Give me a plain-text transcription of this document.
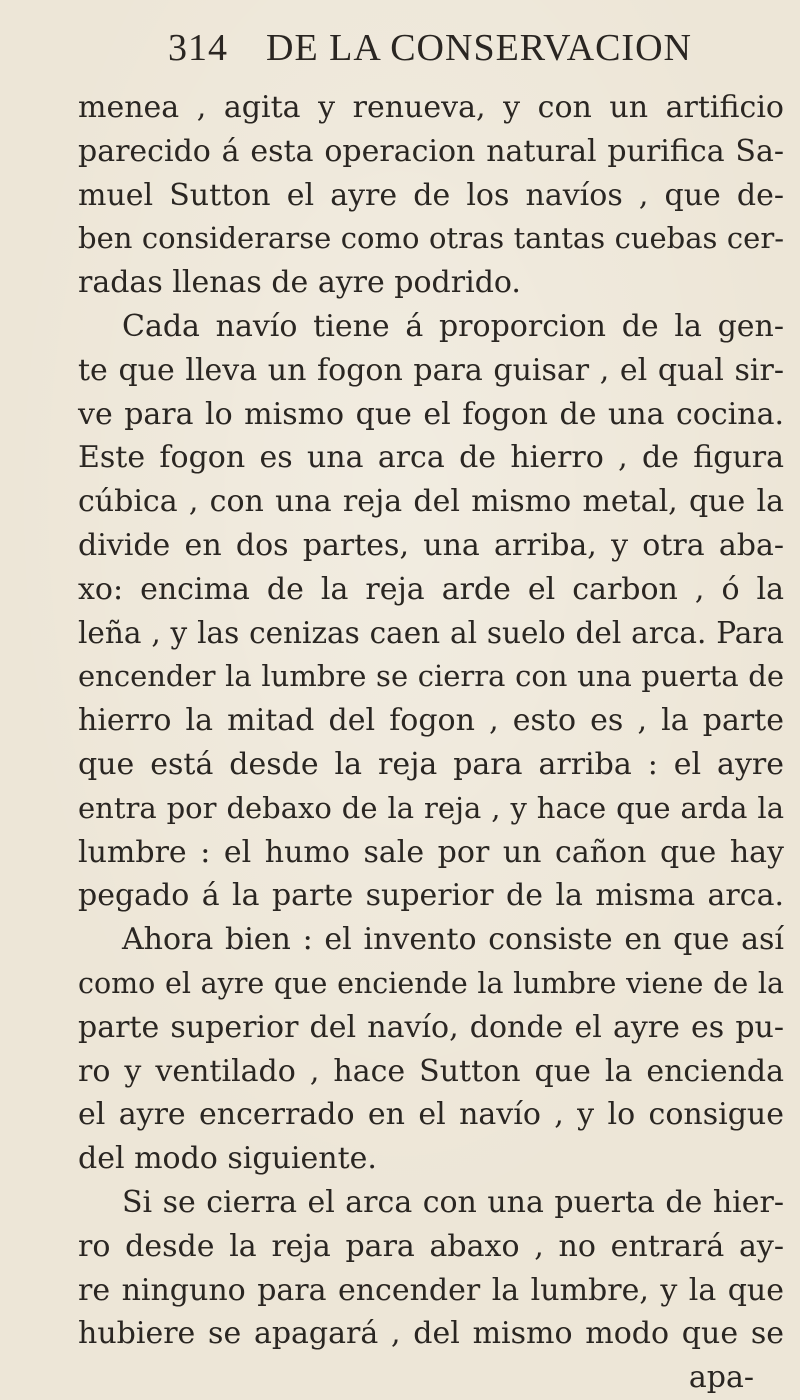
314 DE LA CONSERVACION
menea , agita y renueva, y con un artificio
parecido á esta operacion natural purifica Sa-
muel Sutton el ayre de los navíos , que de-
ben considerarse como otras tantas cuebas cer-
radas llenas de ayre podrido.
Cada navío tiene á proporcion de la gen-
te que lleva un fogon para guisar , el qual sir-
ve para lo mismo que el fogon de una cocina.
Este fogon es una arca de hierro , de figura
cúbica , con una reja del mismo metal, que la
divide en dos partes, una arriba, y otra aba-
xo: encima de la reja arde el carbon , ó la
leña , y las cenizas caen al suelo del arca. Para
encender la lumbre se cierra con una puerta de
hierro la mitad del fogon , esto es , la parte
que está desde la reja para arriba : el ayre
entra por debaxo de la reja , y hace que arda la
lumbre : el humo sale por un cañon que hay
pegado á la parte superior de la misma arca.
Ahora bien : el invento consiste en que así
como el ayre que enciende la lumbre viene de la
parte superior del navío, donde el ayre es pu-
ro y ventilado , hace Sutton que la encienda
el ayre encerrado en el navío , y lo consigue
del modo siguiente.
Si se cierra el arca con una puerta de hier-
ro desde la reja para abaxo , no entrará ay-
re ninguno para encender la lumbre, y la que
hubiere se apagará , del mismo modo que se
apa-
